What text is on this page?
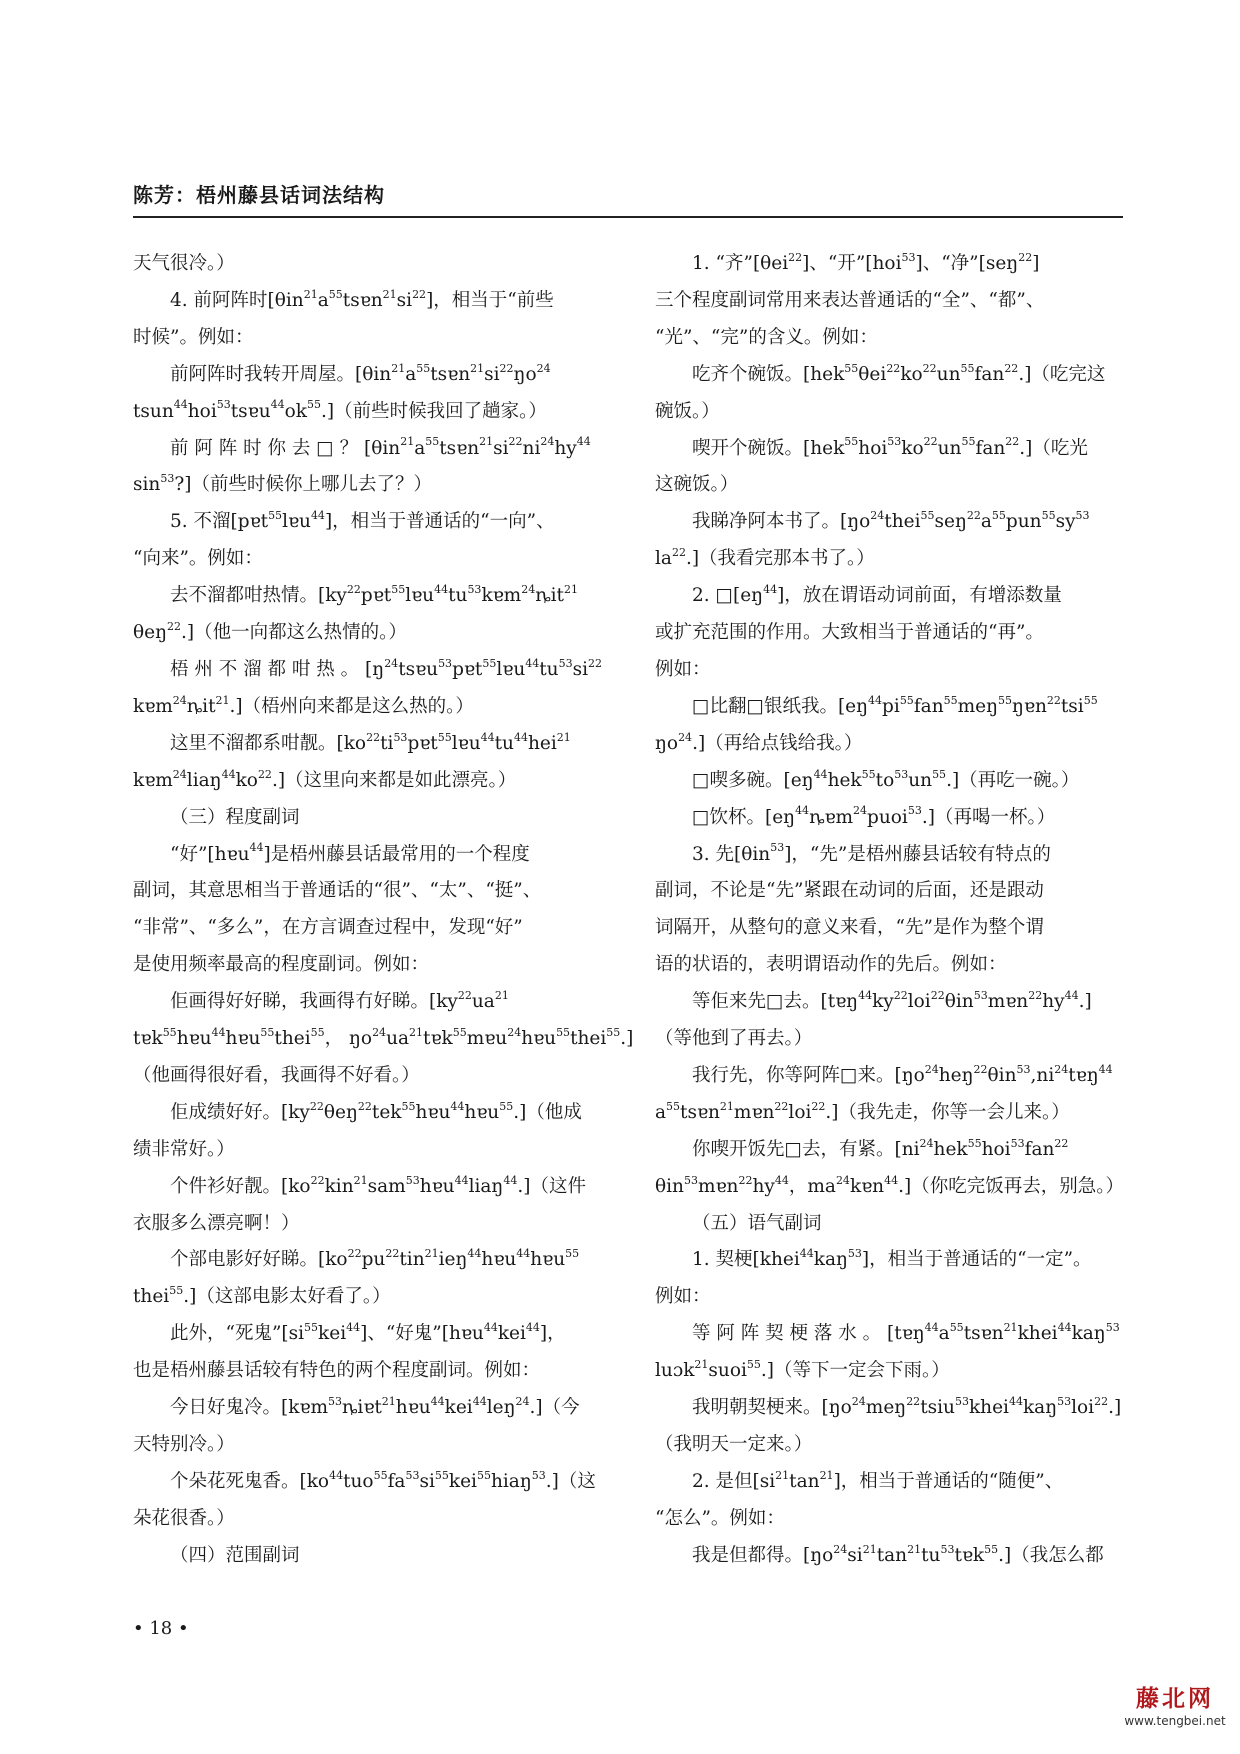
陈芳：梧州藤县话词法结构

天气很冷。）

4. 前阿阵时$[\theta in^{21}a^{55}tsɐn^{21}si^{22}]$，相当于“前些

时候”。例如：

前阿阵时我转开周屋。[$\theta in^{21}a^{55}tsɐn^{21}si^{22}ŋo^{24}$

$tsun^{44}hoi^{53}tsɐu^{44}ok^{55}$.]（前些时候我回了趟家。）

前 阿 阵 时 你 去 □ ？ [$\theta in^{21}a^{55}tsɐn^{21}si^{22}ni^{24}hy^{44}$

$\sin^{53}$?]（前些时候你上哪儿去了？）

5. 不溜[pɐt$^{55}$lɐu$^{44}$]，相当于普通话的“一向”、

“向来”。例如：

去不溜都咁热情。[$ky^{22}pɐt^{55}lɐu^{44}tu^{53}kɐm^{24}ȵit^{21}$

θeŋ$^{22}$.]（他一向都这么热情的。）

梧 州 不 溜 都 咁 热 。 [$ŋ^{24}tsɐu^{53}pɐt^{55}lɐu^{44}tu^{53}si^{22}$

kɐm$^{24}$ȵit$^{21}$.]（梧州向来都是这么热的。）

这里不溜都系咁靓。[$ko^{22}ti^{53}pɐt^{55}lɐu^{44}tu^{44}hei^{21}$

$kɐm^{24}liaŋ^{44}ko^{22}$.]（这里向来都是如此漂亮。）

（三）程度副词

“好”[hɐu$^{44}$]是梧州藤县话最常用的一个程度

副词，其意思相当于普通话的“很”、“太”、“挺”、

“非常”、“多么”，在方言调查过程中，发现“好”

是使用频率最高的程度副词。例如：

佢画得好好睇，我画得冇好睇。[$ky^{22}ua^{21}$

tɐk$^{55}$hɐu$^{44}$hɐu$^{55}$thei$^{55}$， $ŋo^{24}ua^{21}tɐk^{55}mɐu^{24}hɐu^{55}thei^{55}$.]

（他画得很好看，我画得不好看。）

佢成绩好好。$[ky^{22}\theta eŋ^{22}tek^{55}hɐu^{44}hɐu^{55}.]$（他成

绩非常好。）

个件衫好靓。$[ko^{22}kin^{21}sam^{53}hɐu^{44}liaŋ^{44}.]$（这件

衣服多么漂亮啊！）

个部电影好好睇。[$ko^{22}pu^{22}tin^{21}ieŋ^{44}hɐu^{44}hɐu^{55}$

thei$^{55}$.]（这部电影太好看了。）

此外，“死鬼$”[si^{55}kei^{44}]$、“好鬼”[hɐu$^{44}$kei$^{44}$]，

也是梧州藤县话较有特色的两个程度副词。例如：

今日好鬼冷。[kɐm$^{53}$ȵiɐt$^{21}$hɐu$^{44}$kei$^{44}$leŋ$^{24}$.]（今

天特别冷。）

个朵花死鬼香。$[ko^{44}tuo^{55}fa^{53}si^{55}kei^{55}hiaŋ^{53}.]$（这

朵花很香。）

（四）范围副词

1. “齐”[θei$^{22}$]、“开”[hoi$^{53}$]、“净”[seŋ$^{22}$]

三个程度副词常用来表达普通话的“全”、“都”、

“光”、“完”的含义。例如：

吃齐个碗饭。$[hek^{55}\theta ei^{22}ko^{22}un^{55}fan^{22}.]$（吃完这

碗饭。）

喫开个碗饭。$[hek^{55}hoi^{53}ko^{22}un^{55}fan^{22}.]$（吃光

这碗饭。）

我睇净阿本书了。[$ŋo^{24}thei^{55}seŋ^{22}a^{55}pun^{55}sy^{53}$

$la^{22}$.]（我看完那本书了。）

2. $□[eŋ^{44}]$，放在谓语动词前面，有增添数量

或扩充范围的作用。大致相当于普通话的“再”。

例如：

□比翻□银纸我。[$eŋ^{44}pi^{55}fan^{55}meŋ^{55}ŋɐn^{22}tsi^{55}$

$ŋo^{24}$.]（再给点钱给我。）

□喫多碗。$[eŋ^{44}hek^{55}to^{53}un^{55}.]$（再吃一碗。）

□饮杯。$[eŋ^{44}ȵɐm^{24}puoi^{53}.]$（再喝一杯。）

3. 先[θin$^{53}$]，“先”是梧州藤县话较有特点的

副词，不论是“先”紧跟在动词的后面，还是跟动

词隔开，从整句的意义来看，“先”是作为整个谓

语的状语的，表明谓语动作的先后。例如：

等佢来先□去。$[tɐŋ^{44}ky^{22}loi^{22}\theta in^{53}mɐn^{22}hy^{44}.]$

（等他到了再去。）

我行先，你等阿阵□来。[$ŋo^{24}heŋ^{22}\theta in^{53},ni^{24}tɐŋ^{44}$

$a^{55}tsɐn^{21}mɐn^{22}loi^{22}$.]（我先走，你等一会儿来。）

你喫开饭先□去，有紧。[$ni^{24}hek^{55}hoi^{53}fan^{22}$

$\theta in^{53}mɐn^{22}hy^{44}$，$ma^{24}kɐn^{44}$.]（你吃完饭再去，别急。）

（五）语气副词

1. 契梗[khei$^{44}$kaŋ$^{53}$]，相当于普通话的“一定”。

例如：

等 阿 阵 契 梗 落 水 。 [$tɐŋ^{44}a^{55}tsɐn^{21}khei^{44}kaŋ^{53}$

luɔk$^{21}$suoi$^{55}$.]（等下一定会下雨。）

我明朝契梗来。$[ŋo^{24}meŋ^{22}tsiu^{53}khei^{44}kaŋ^{53}loi^{22}.]$

（我明天一定来。）

2. 是但$[si^{21}\tan^{21}]$，相当于普通话的“随便”、

“怎么”。例如：

我是但都得。$[ŋo^{24}si^{21}\tan^{21}tu^{53}tɐk^{55}.]$（我怎么都

• 18 •
藤北网
www.tengbei.net
